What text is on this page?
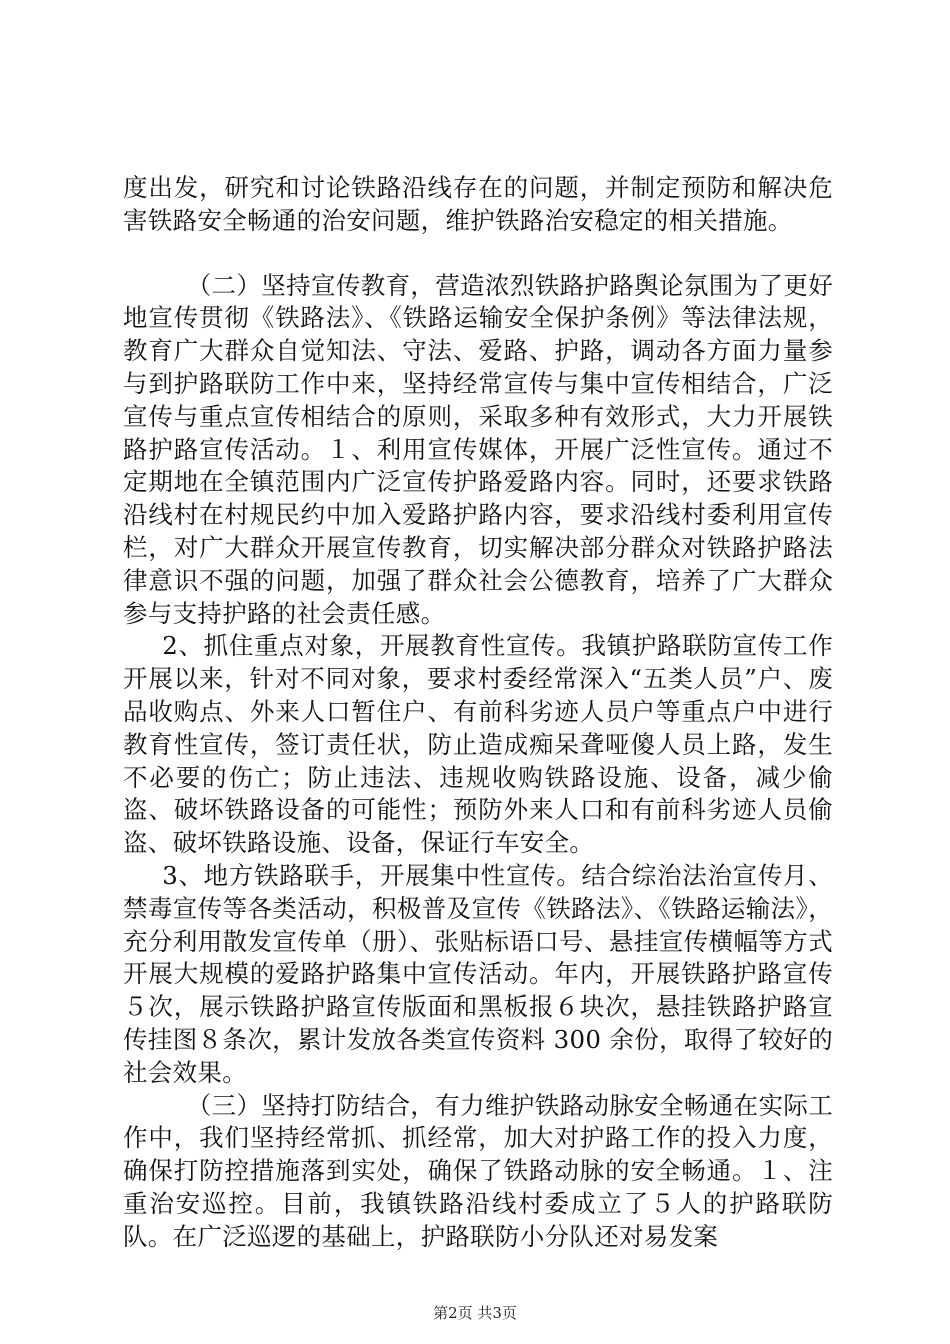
度出发，研究和讨论铁路沿线存在的问题，并制定预防和解决危害铁路安全畅通的治安问题，维护铁路治安稳定的相关措施。

（二）坚持宣传教育，营造浓烈铁路护路舆论氛围为了更好地宣传贯彻《铁路法》、《铁路运输安全保护条例》等法律法规，教育广大群众自觉知法、守法、爱路、护路，调动各方面力量参与到护路联防工作中来，坚持经常宣传与集中宣传相结合，广泛宣传与重点宣传相结合的原则，采取多种有效形式，大力开展铁路护路宣传活动。１、利用宣传媒体，开展广泛性宣传。通过不定期地在全镇范围内广泛宣传护路爱路内容。同时，还要求铁路沿线村在村规民约中加入爱路护路内容，要求沿线村委利用宣传栏，对广大群众开展宣传教育，切实解决部分群众对铁路护路法律意识不强的问题，加强了群众社会公德教育，培养了广大群众参与支持护路的社会责任感。

2、抓住重点对象，开展教育性宣传。我镇护路联防宣传工作开展以来，针对不同对象，要求村委经常深入“五类人员”户、废品收购点、外来人口暂住户、有前科劣迹人员户等重点户中进行教育性宣传，签订责任状，防止造成痴呆聋哑傻人员上路，发生不必要的伤亡；防止违法、违规收购铁路设施、设备，减少偷盗、破坏铁路设备的可能性；预防外来人口和有前科劣迹人员偷盗、破坏铁路设施、设备，保证行车安全。

3、地方铁路联手，开展集中性宣传。结合综治法治宣传月、禁毒宣传等各类活动，积极普及宣传《铁路法》、《铁路运输法》，充分利用散发宣传单（册）、张贴标语口号、悬挂宣传横幅等方式开展大规模的爱路护路集中宣传活动。年内，开展铁路护路宣传５次，展示铁路护路宣传版面和黑板报６块次，悬挂铁路护路宣传挂图８条次，累计发放各类宣传资料 300 余份，取得了较好的社会效果。

（三）坚持打防结合，有力维护铁路动脉安全畅通在实际工作中，我们坚持经常抓、抓经常，加大对护路工作的投入力度，确保打防控措施落到实处，确保了铁路动脉的安全畅通。１、注重治安巡控。目前，我镇铁路沿线村委成立了５人的护路联防队。在广泛巡逻的基础上，护路联防小分队还对易发案

第2页 共3页
